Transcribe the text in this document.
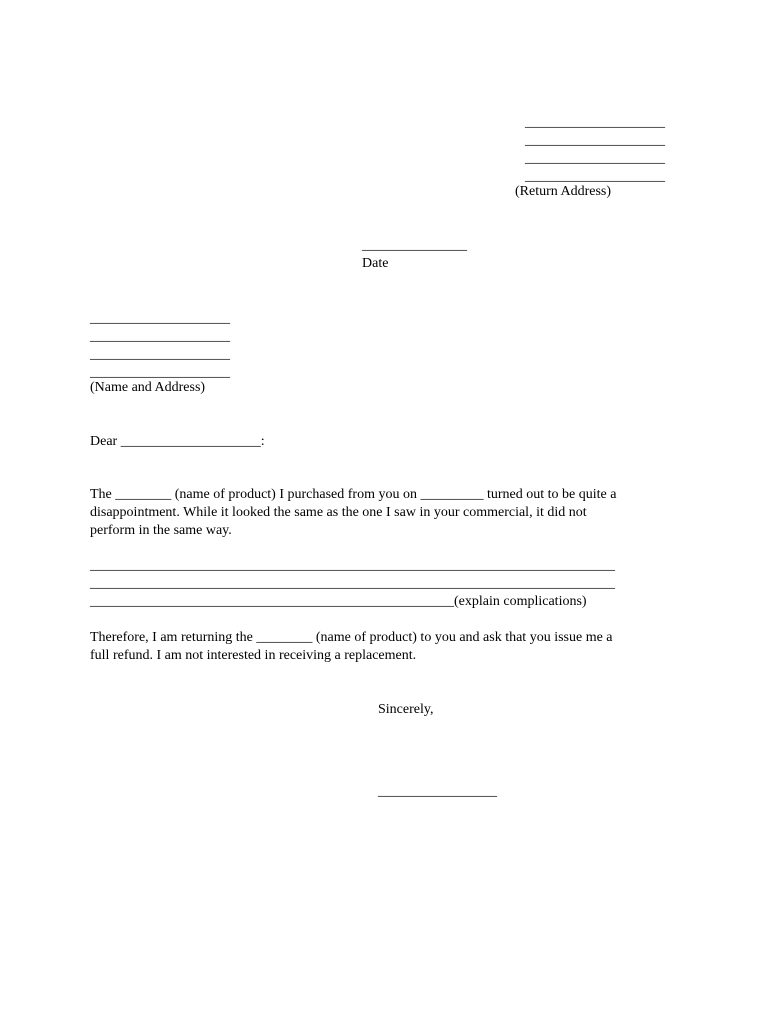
____________________
____________________
____________________
____________________
(Return Address)
_______________
Date
____________________
____________________
____________________
____________________
(Name and Address)
Dear ____________________:
The ________ (name of product) I purchased from you on _________ turned out to be quite a
disappointment. While it looked the same as the one I saw in your commercial, it did not
perform in the same way.
___________________________________________________________________________
___________________________________________________________________________
____________________________________________________(explain complications)
Therefore, I am returning the ________ (name of product) to you and ask that you issue me a
full refund. I am not interested in receiving a replacement.
Sincerely,
_________________
